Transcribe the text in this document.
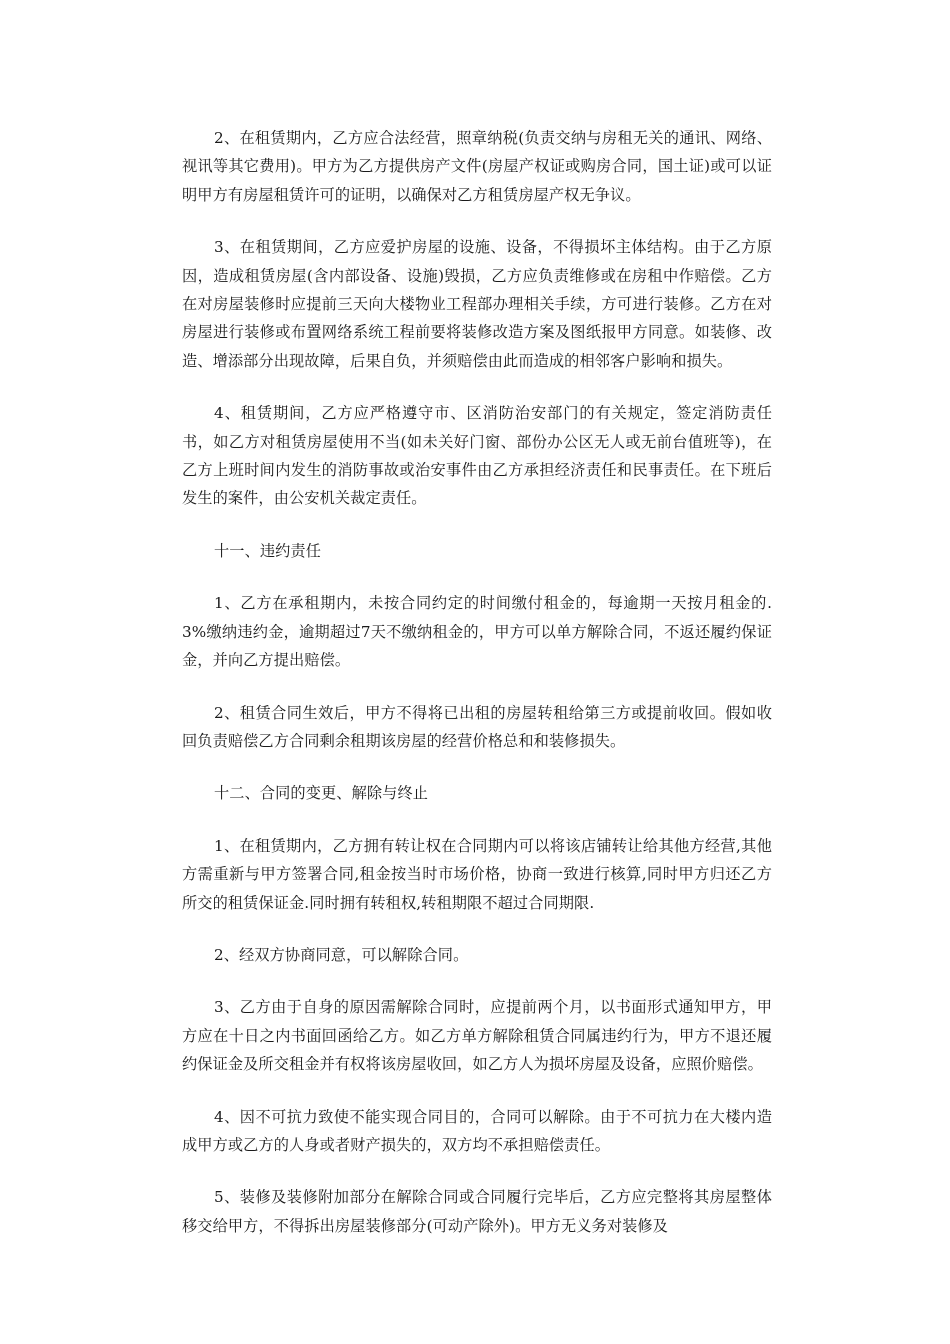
2、在租赁期内，乙方应合法经营，照章纳税(负责交纳与房租无关的通讯、网络、视讯等其它费用)。甲方为乙方提供房产文件(房屋产权证或购房合同，国土证)或可以证明甲方有房屋租赁许可的证明，以确保对乙方租赁房屋产权无争议。

3、在租赁期间，乙方应爱护房屋的设施、设备，不得损坏主体结构。由于乙方原因，造成租赁房屋(含内部设备、设施)毁损，乙方应负责维修或在房租中作赔偿。乙方在对房屋装修时应提前三天向大楼物业工程部办理相关手续，方可进行装修。乙方在对房屋进行装修或布置网络系统工程前要将装修改造方案及图纸报甲方同意。如装修、改造、增添部分出现故障，后果自负，并须赔偿由此而造成的相邻客户影响和损失。

4、租赁期间，乙方应严格遵守市、区消防治安部门的有关规定，签定消防责任书，如乙方对租赁房屋使用不当(如未关好门窗、部份办公区无人或无前台值班等)，在乙方上班时间内发生的消防事故或治安事件由乙方承担经济责任和民事责任。在下班后发生的案件，由公安机关裁定责任。

十一、违约责任

1、乙方在承租期内，未按合同约定的时间缴付租金的，每逾期一天按月租金的.3%缴纳违约金，逾期超过7天不缴纳租金的，甲方可以单方解除合同，不返还履约保证金，并向乙方提出赔偿。

2、租赁合同生效后，甲方不得将已出租的房屋转租给第三方或提前收回。假如收回负责赔偿乙方合同剩余租期该房屋的经营价格总和和装修损失。

十二、合同的变更、解除与终止

1、在租赁期内，乙方拥有转让权在合同期内可以将该店铺转让给其他方经营,其他方需重新与甲方签署合同,租金按当时市场价格，协商一致进行核算,同时甲方归还乙方所交的租赁保证金.同时拥有转租权,转租期限不超过合同期限.

2、经双方协商同意，可以解除合同。

3、乙方由于自身的原因需解除合同时，应提前两个月，以书面形式通知甲方，甲方应在十日之内书面回函给乙方。如乙方单方解除租赁合同属违约行为，甲方不退还履约保证金及所交租金并有权将该房屋收回，如乙方人为损坏房屋及设备，应照价赔偿。

4、因不可抗力致使不能实现合同目的，合同可以解除。由于不可抗力在大楼内造成甲方或乙方的人身或者财产损失的，双方均不承担赔偿责任。

5、装修及装修附加部分在解除合同或合同履行完毕后，乙方应完整将其房屋整体移交给甲方，不得拆出房屋装修部分(可动产除外)。甲方无义务对装修及
